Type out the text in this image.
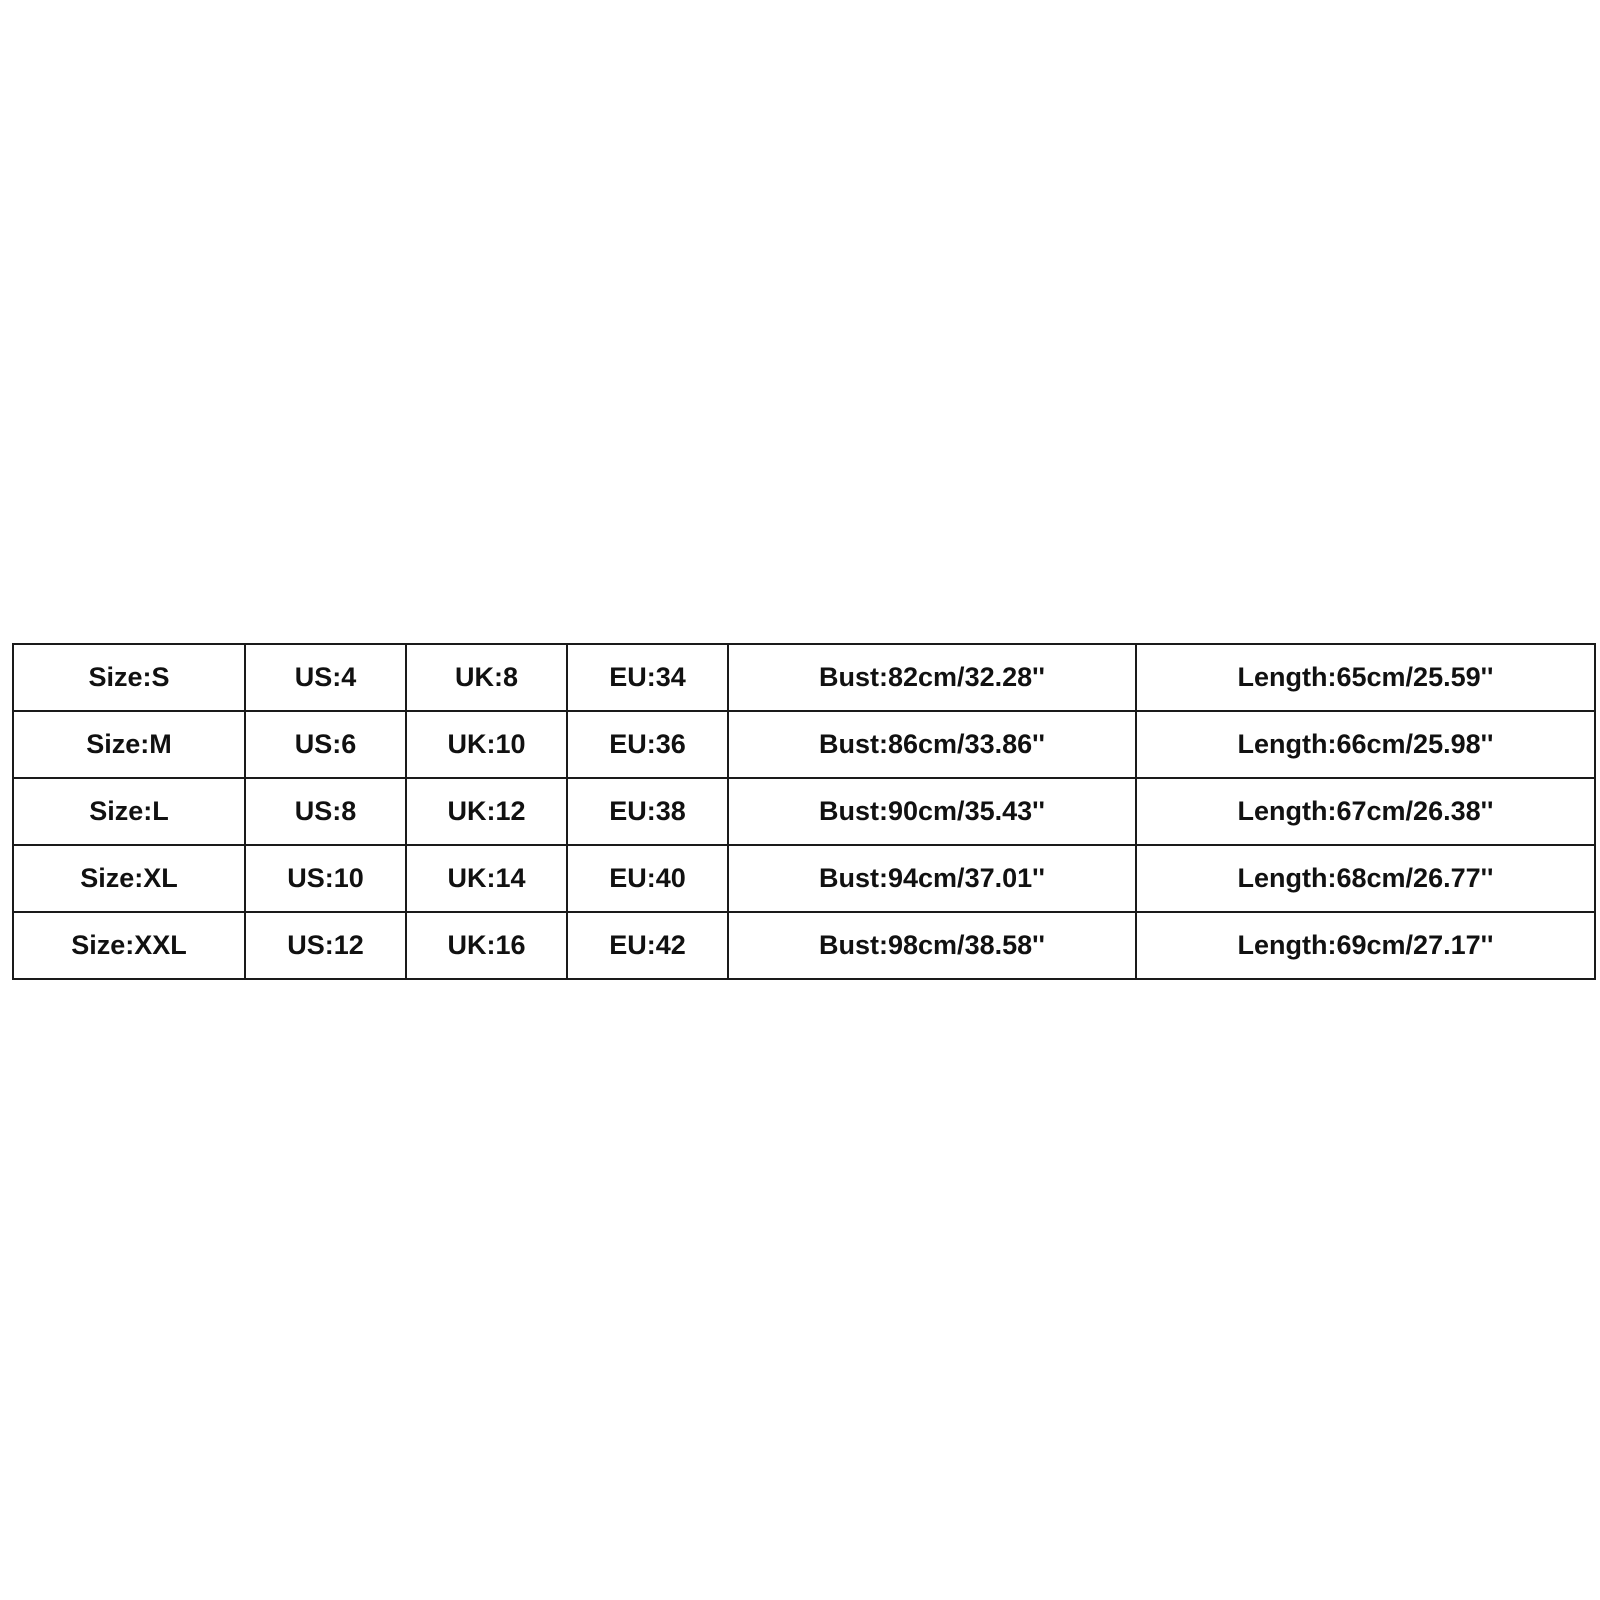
Size:S	US:4	UK:8	EU:34	Bust:82cm/32.28''	Length:65cm/25.59''
Size:M	US:6	UK:10	EU:36	Bust:86cm/33.86''	Length:66cm/25.98''
Size:L	US:8	UK:12	EU:38	Bust:90cm/35.43''	Length:67cm/26.38''
Size:XL	US:10	UK:14	EU:40	Bust:94cm/37.01''	Length:68cm/26.77''
Size:XXL	US:12	UK:16	EU:42	Bust:98cm/38.58''	Length:69cm/27.17''
